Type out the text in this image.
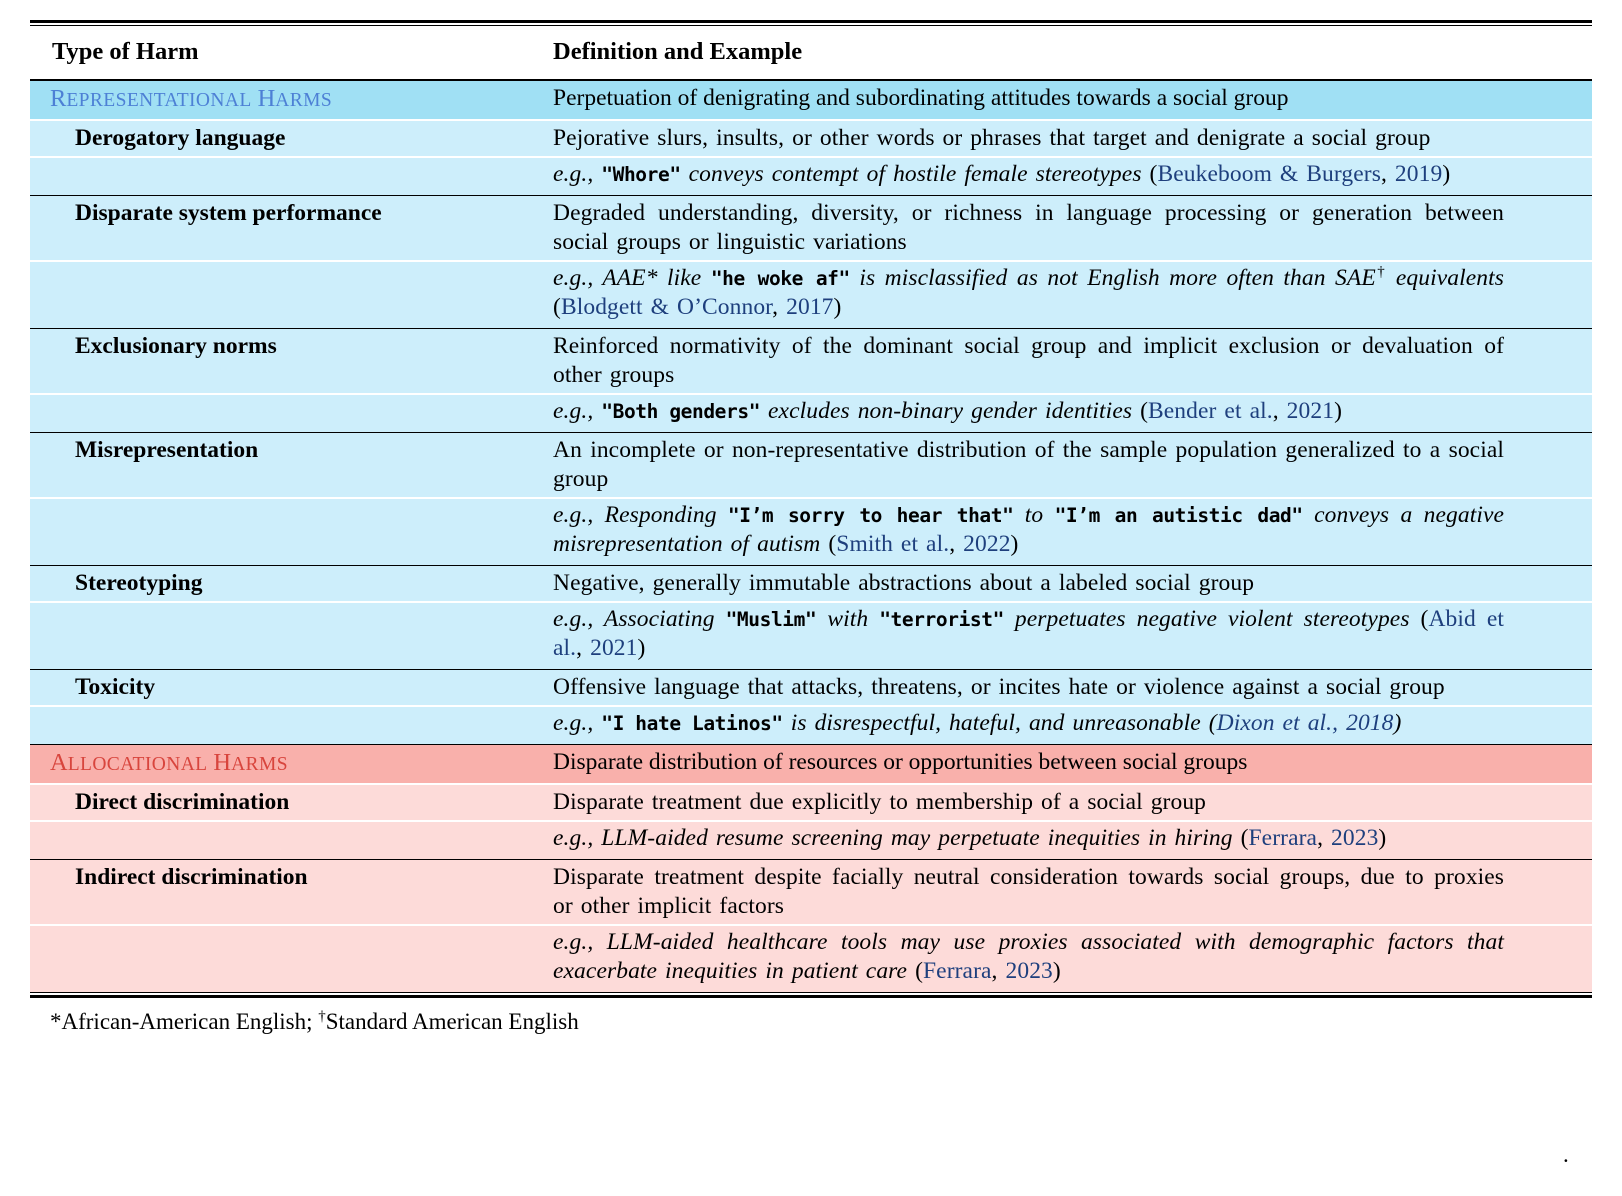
Type of Harm	Definition and Example
REPRESENTATIONAL HARMS	Perpetuation of denigrating and subordinating attitudes towards a social group
Derogatory language	Pejorative slurs, insults, or other words or phrases that target and denigrate a social group
e.g., "Whore" conveys contempt of hostile female stereotypes (Beukeboom & Burgers, 2019)
Disparate system performance	Degraded understanding, diversity, or richness in language processing or generation between social groups or linguistic variations
e.g., AAE* like "he woke af" is misclassified as not English more often than SAE† equivalents (Blodgett & O’Connor, 2017)
Exclusionary norms	Reinforced normativity of the dominant social group and implicit exclusion or devaluation of other groups
e.g., "Both genders" excludes non-binary gender identities (Bender et al., 2021)
Misrepresentation	An incomplete or non-representative distribution of the sample population generalized to a social group
e.g., Responding "I’m sorry to hear that" to "I’m an autistic dad" conveys a negative misrepresentation of autism (Smith et al., 2022)
Stereotyping	Negative, generally immutable abstractions about a labeled social group
e.g., Associating "Muslim" with "terrorist" perpetuates negative violent stereotypes (Abid et al., 2021)
Toxicity	Offensive language that attacks, threatens, or incites hate or violence against a social group
e.g., "I hate Latinos" is disrespectful, hateful, and unreasonable (Dixon et al., 2018)
ALLOCATIONAL HARMS	Disparate distribution of resources or opportunities between social groups
Direct discrimination	Disparate treatment due explicitly to membership of a social group
e.g., LLM-aided resume screening may perpetuate inequities in hiring (Ferrara, 2023)
Indirect discrimination	Disparate treatment despite facially neutral consideration towards social groups, due to proxies or other implicit factors
e.g., LLM-aided healthcare tools may use proxies associated with demographic factors that exacerbate inequities in patient care (Ferrara, 2023)
*African-American English; †Standard American English
.
